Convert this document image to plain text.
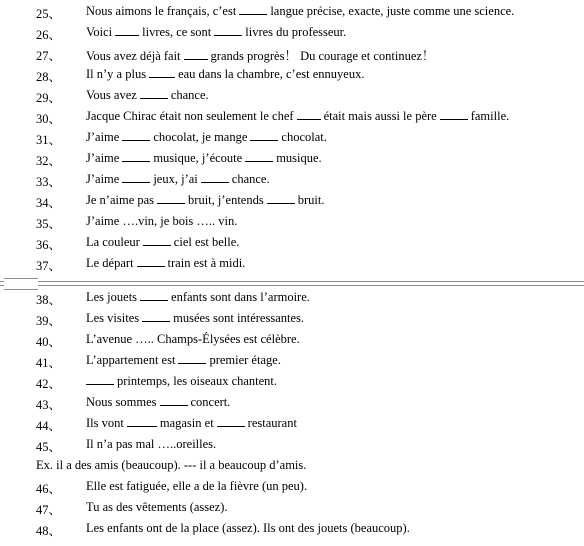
25、 Nous aimons le français, c’est	langue précise, exacte, juste comme une science.
26、 Voici livres, ce sont	livres du professeur.
27、 Vous avez déjà fait grands progrès！ Du courage et continuez！
28、 Il n’y a plus	eau dans la chambre, c’est ennuyeux.
29、 Vous avez	chance.
30、 Jacque Chirac était non seulement le chef était mais aussi le père	famille.
31、 J’aime	chocolat, je mange	chocolat.
32、 J’aime	musique, j’écoute	musique.
33、 J’aime	jeux, j’ai	chance.
34、 Je n’aime pas	bruit, j’entends	bruit.
35、 J’aime ….vin, je bois ….. vin.
36、 La couleur	ciel est belle.
37、 Le départ	train est à midi.
38、 Les jouets	enfants sont dans l’armoire.
39、 Les visites	musées sont intéressantes.
40、 L’avenue ….. Champs-Élysées est célèbre.
41、 L’appartement est	premier étage.
42、	printemps, les oiseaux chantent.
43、 Nous sommes	concert.
44、 Ils vont	magasin et	restaurant
45、 Il n’a pas mal …..oreilles.
Ex. il a des amis (beaucoup). --- il a beaucoup d’amis.
46、 Elle est fatiguée, elle a de la fièvre (un peu).
47、 Tu as des vêtements (assez).
48、 Les enfants ont de la place (assez). Ils ont des jouets (beaucoup).
